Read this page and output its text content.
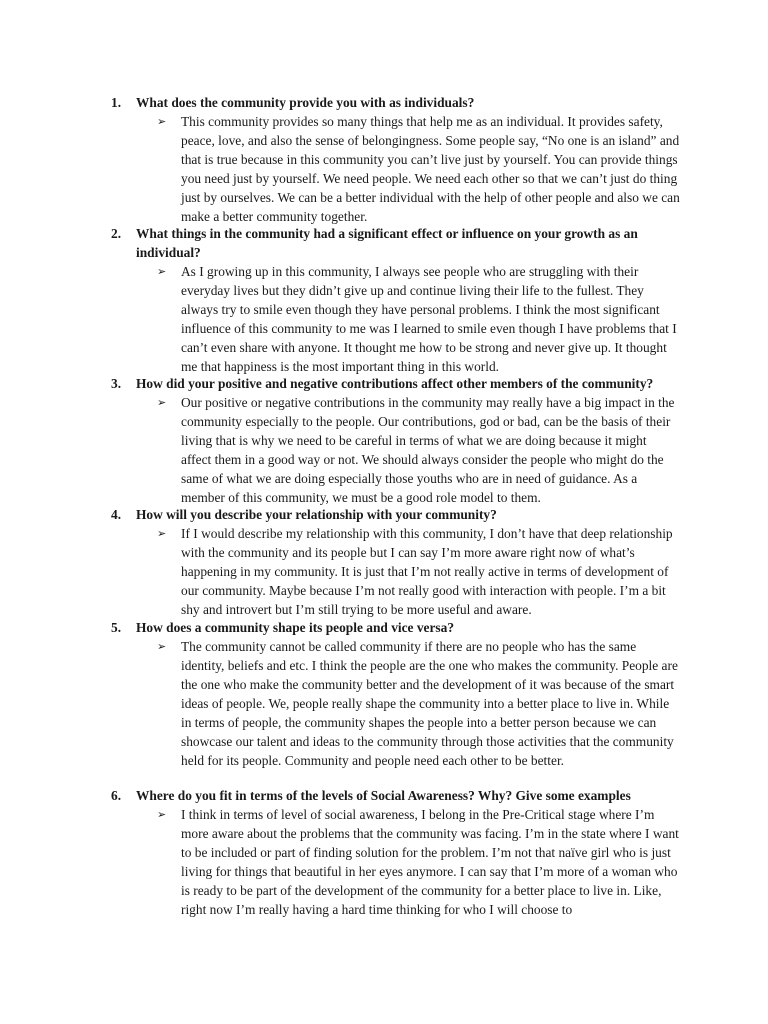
1. What does the community provide you with as individuals?
➢ This community provides so many things that help me as an individual. It provides safety, peace, love, and also the sense of belongingness. Some people say, “No one is an island” and that is true because in this community you can’t live just by yourself. You can provide things you need just by yourself. We need people. We need each other so that we can’t just do thing just by ourselves. We can be a better individual with the help of other people and also we can make a better community together.
2. What things in the community had a significant effect or influence on your growth as an individual?
➢ As I growing up in this community, I always see people who are struggling with their everyday lives but they didn’t give up and continue living their life to the fullest. They always try to smile even though they have personal problems. I think the most significant influence of this community to me was I learned to smile even though I have problems that I can’t even share with anyone. It thought me how to be strong and never give up. It thought me that happiness is the most important thing in this world.
3. How did your positive and negative contributions affect other members of the community?
➢ Our positive or negative contributions in the community may really have a big impact in the community especially to the people. Our contributions, god or bad, can be the basis of their living that is why we need to be careful in terms of what we are doing because it might affect them in a good way or not. We should always consider the people who might do the same of what we are doing especially those youths who are in need of guidance. As a member of this community, we must be a good role model to them.
4. How will you describe your relationship with your community?
➢ If I would describe my relationship with this community, I don’t have that deep relationship with the community and its people but I can say I’m more aware right now of what’s happening in my community. It is just that I’m not really active in terms of development of our community. Maybe because I’m not really good with interaction with people. I’m a bit shy and introvert but I’m still trying to be more useful and aware.
5. How does a community shape its people and vice versa?
➢ The community cannot be called community if there are no people who has the same identity, beliefs and etc. I think the people are the one who makes the community. People are the one who make the community better and the development of it was because of the smart ideas of people. We, people really shape the community into a better place to live in. While in terms of people, the community shapes the people into a better person because we can showcase our talent and ideas to the community through those activities that the community held for its people. Community and people need each other to be better.
6. Where do you fit in terms of the levels of Social Awareness? Why? Give some examples
➢ I think in terms of level of social awareness, I belong in the Pre-Critical stage where I’m more aware about the problems that the community was facing. I’m in the state where I want to be included or part of finding solution for the problem. I’m not that naïve girl who is just living for things that beautiful in her eyes anymore. I can say that I’m more of a woman who is ready to be part of the development of the community for a better place to live in. Like, right now I’m really having a hard time thinking for who I will choose to
